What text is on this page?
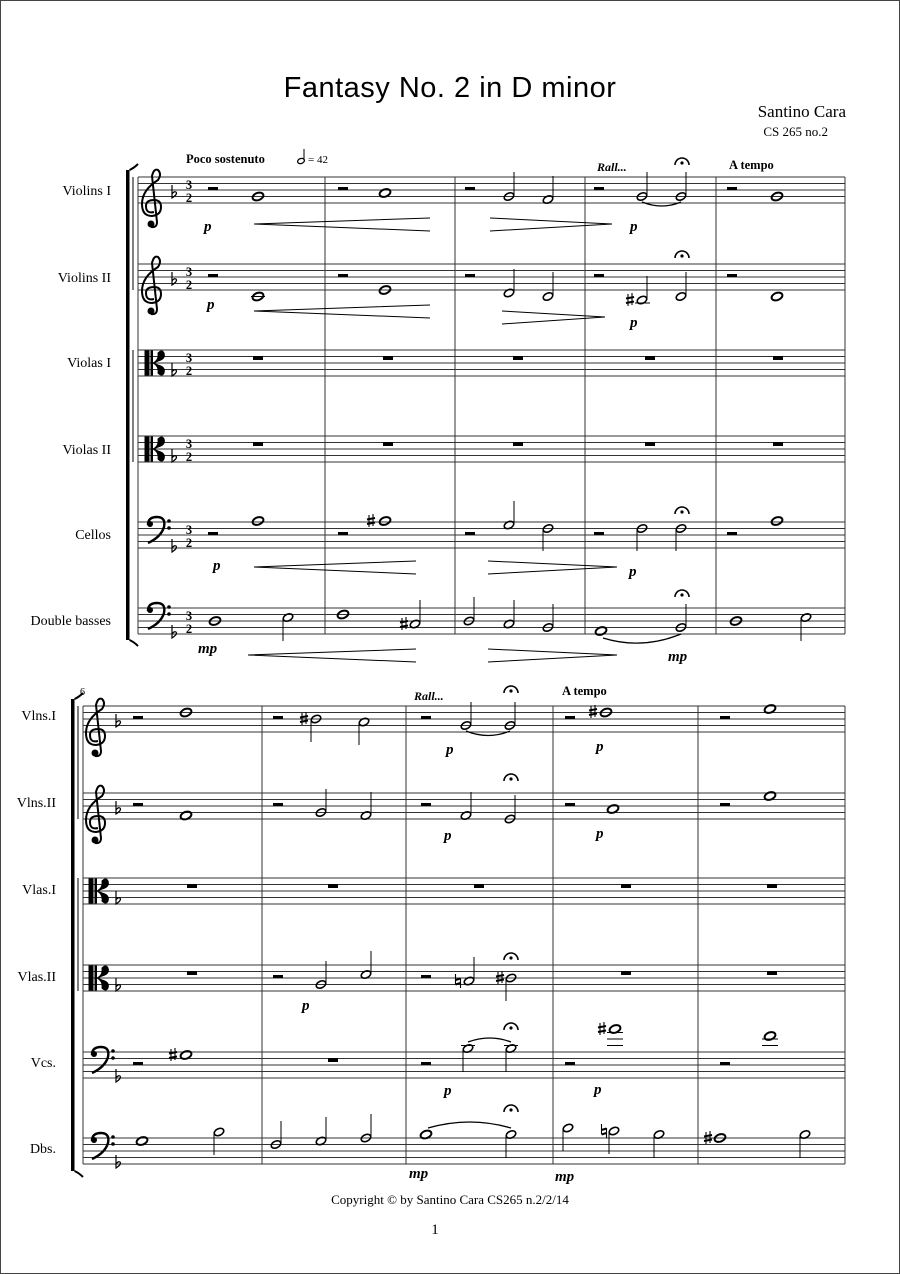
Fantasy No. 2 in D minor
Santino Cara
CS 265 no.2
Violins I
Violins II
Violas I
Violas II
Cellos
Double basses
Vlns.I
Vlns.II
Vlas.I
Vlas.II
Vcs.
Dbs.
3
2
3
2
3
2
3
2
3
2
3
2
Poco sostenuto	= 42	Rall...	A tempo
p	p
p
p
p	p
mp	mp
6	Rall...	A tempo
p	p
p	p
p
p	p
mp	mp
Copyright © by Santino Cara CS265 n.2/2/14
1
